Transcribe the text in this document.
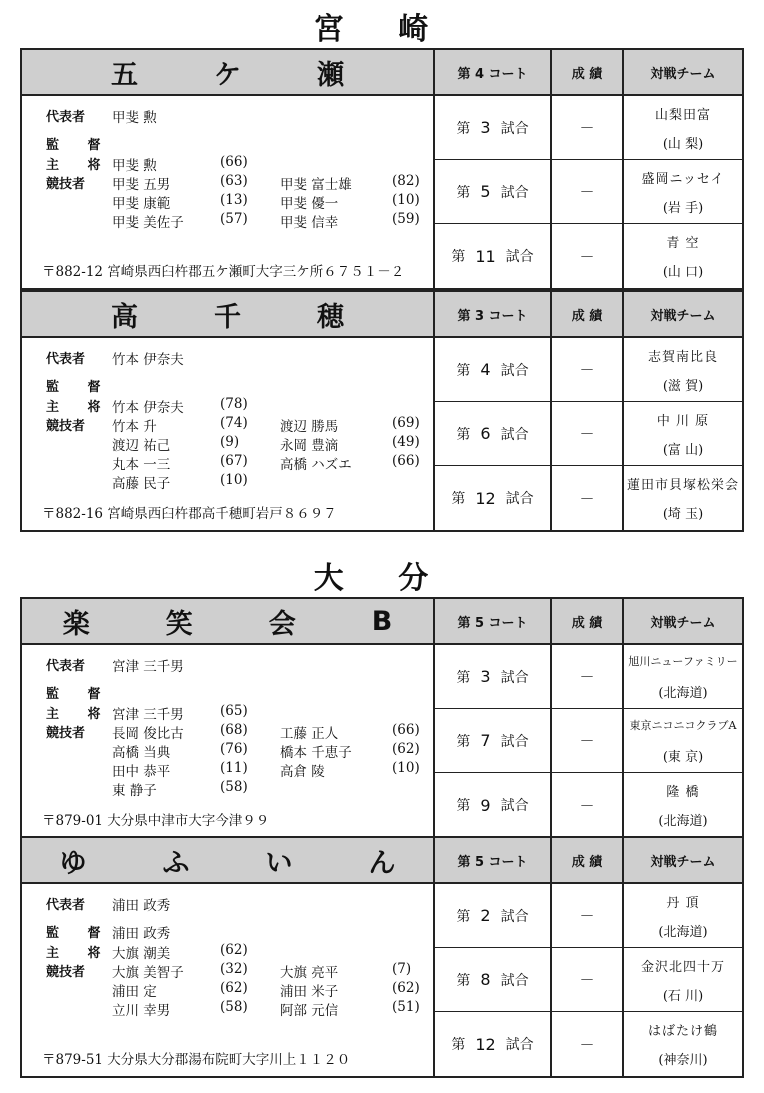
宮 崎
大 分
五	ケ	瀬
代表者	甲斐 勲
監 督
主 将 甲斐 勲	(66)
競技者	甲斐 五男	(63) 甲斐 富士雄	(82)
甲斐 康範	(13) 甲斐 優一	(10)
甲斐 美佐子	(57) 甲斐 信幸	(59)
〒882-12 宮崎県西臼杵郡五ケ瀬町大字三ケ所６７５１－２
第 4 コート	成 績	対戦チーム
第 3 試合	－
山梨田富
(山 梨)
第 5 試合	－
盛岡ニッセイ
(岩 手)
第 11 試合	－
青 空
(山 口)
高	千	穂
代表者	竹本 伊奈夫
監 督
主 将 竹本 伊奈夫	(78)
競技者	竹本 升	(74) 渡辺 勝馬	(69)
渡辺 祐己	(9)	永岡 豊滴	(49)
丸本 一三	(67) 高橋 ハズエ	(66)
高藤 民子	(10)
〒882-16 宮崎県西臼杵郡高千穂町岩戸８６９７
第 3 コート	成 績	対戦チーム
第 4 試合	－
志賀南比良
(滋 賀)
第 6 試合	－
中 川 原
(富 山)
第 12 試合	－
蓮田市貝塚松栄会
(埼 玉)
楽	笑	会	B
代表者	宮津 三千男
監 督
主 将 宮津 三千男	(65)
競技者	長岡 俊比古	(68) 工藤 正人	(66)
高橋 当典	(76) 橋本 千恵子	(62)
田中 恭平	(11) 高倉 陵	(10)
東 静子	(58)
〒879-01 大分県中津市大字今津９９
第 5 コート	成 績	対戦チーム
第 3 試合	－
旭川ニューファミリー
(北海道)
第 7 試合	－
東京ニコニコクラブA
(東 京)
第 9 試合	－
隆 橋
(北海道)
ゆ	ふ	い	ん
代表者	浦田 政秀
監 督 浦田 政秀
主 将 大旗 潮美	(62)
競技者	大旗 美智子	(32) 大旗 亮平	(7)
浦田 定	(62) 浦田 米子	(62)
立川 幸男	(58) 阿部 元信	(51)
〒879-51 大分県大分郡湯布院町大字川上１１２０
第 5 コート	成 績	対戦チーム
第 2 試合	－
丹 頂
(北海道)
第 8 試合	－
金沢北四十万
(石 川)
第 12 試合	－
はばたけ鶴
(神奈川)
